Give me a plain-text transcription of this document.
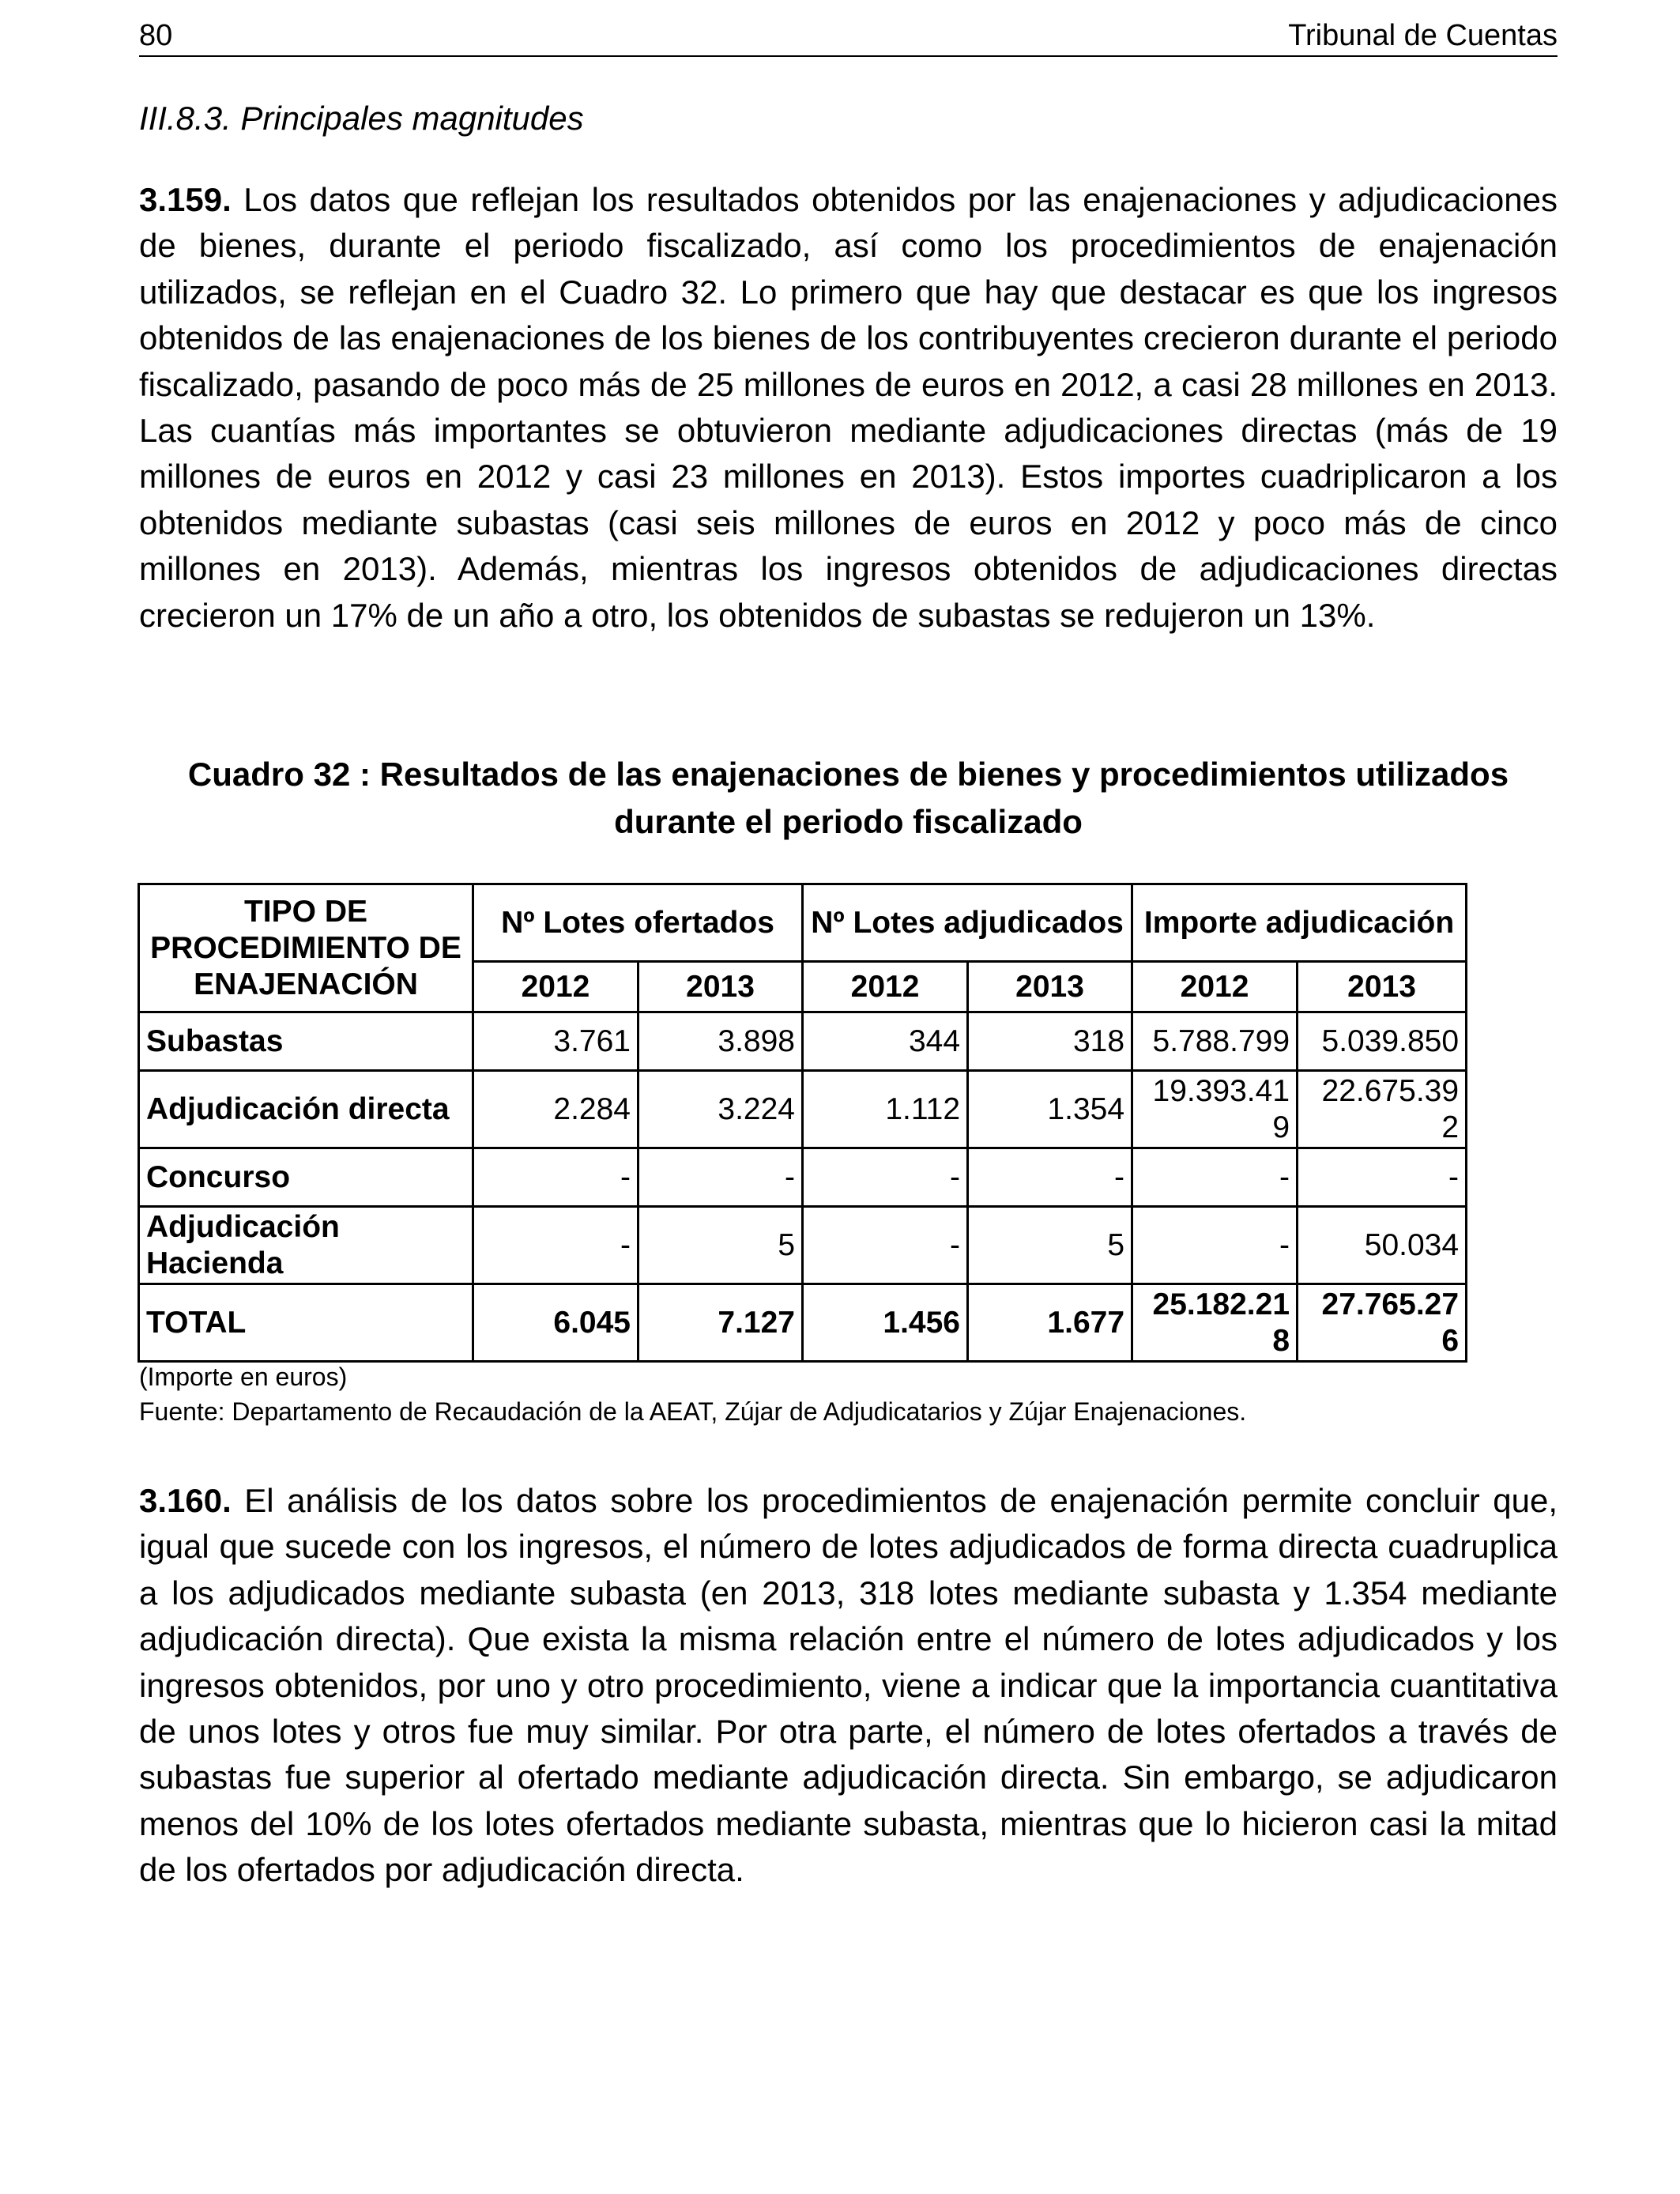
80	Tribunal de Cuentas
III.8.3. Principales magnitudes
3.159. Los datos que reflejan los resultados obtenidos por las enajenaciones y adjudicaciones de bienes, durante el periodo fiscalizado, así como los procedimientos de enajenación utilizados, se reflejan en el Cuadro 32. Lo primero que hay que destacar es que los ingresos obtenidos de las enajenaciones de los bienes de los contribuyentes crecieron durante el periodo fiscalizado, pasando de poco más de 25 millones de euros en 2012, a casi 28 millones en 2013. Las cuantías más importantes se obtuvieron mediante adjudicaciones directas (más de 19 millones de euros en 2012 y casi 23 millones en 2013). Estos importes cuadriplicaron a los obtenidos mediante subastas (casi seis millones de euros en 2012 y poco más de cinco millones en 2013). Además, mientras los ingresos obtenidos de adjudicaciones directas crecieron un 17% de un año a otro, los obtenidos de subastas se redujeron un 13%.
Cuadro 32 : Resultados de las enajenaciones de bienes y procedimientos utilizados
durante el periodo fiscalizado
TIPO DE PROCEDIMIENTO DE ENAJENACIÓN	Nº Lotes ofertados		Nº Lotes adjudicados		Importe adjudicación	
	2012	2013	2012	2013	2012	2013
Subastas	3.761	3.898	344	318	5.788.799	5.039.850
Adjudicación directa	2.284	3.224	1.112	1.354	19.393.419	22.675.392
Concurso	-	-	-	-	-	-
Adjudicación Hacienda	-	5	-	5	-	50.034
TOTAL	6.045	7.127	1.456	1.677	25.182.218	27.765.276
(Importe en euros)
Fuente: Departamento de Recaudación de la AEAT, Zújar de Adjudicatarios y Zújar Enajenaciones.
3.160. El análisis de los datos sobre los procedimientos de enajenación permite concluir que, igual que sucede con los ingresos, el número de lotes adjudicados de forma directa cuadruplica a los adjudicados mediante subasta (en 2013, 318 lotes mediante subasta y 1.354 mediante adjudicación directa). Que exista la misma relación entre el número de lotes adjudicados y los ingresos obtenidos, por uno y otro procedimiento, viene a indicar que la importancia cuantitativa de unos lotes y otros fue muy similar. Por otra parte, el número de lotes ofertados a través de subastas fue superior al ofertado mediante adjudicación directa. Sin embargo, se adjudicaron menos del 10% de los lotes ofertados mediante subasta, mientras que lo hicieron casi la mitad de los ofertados por adjudicación directa.
